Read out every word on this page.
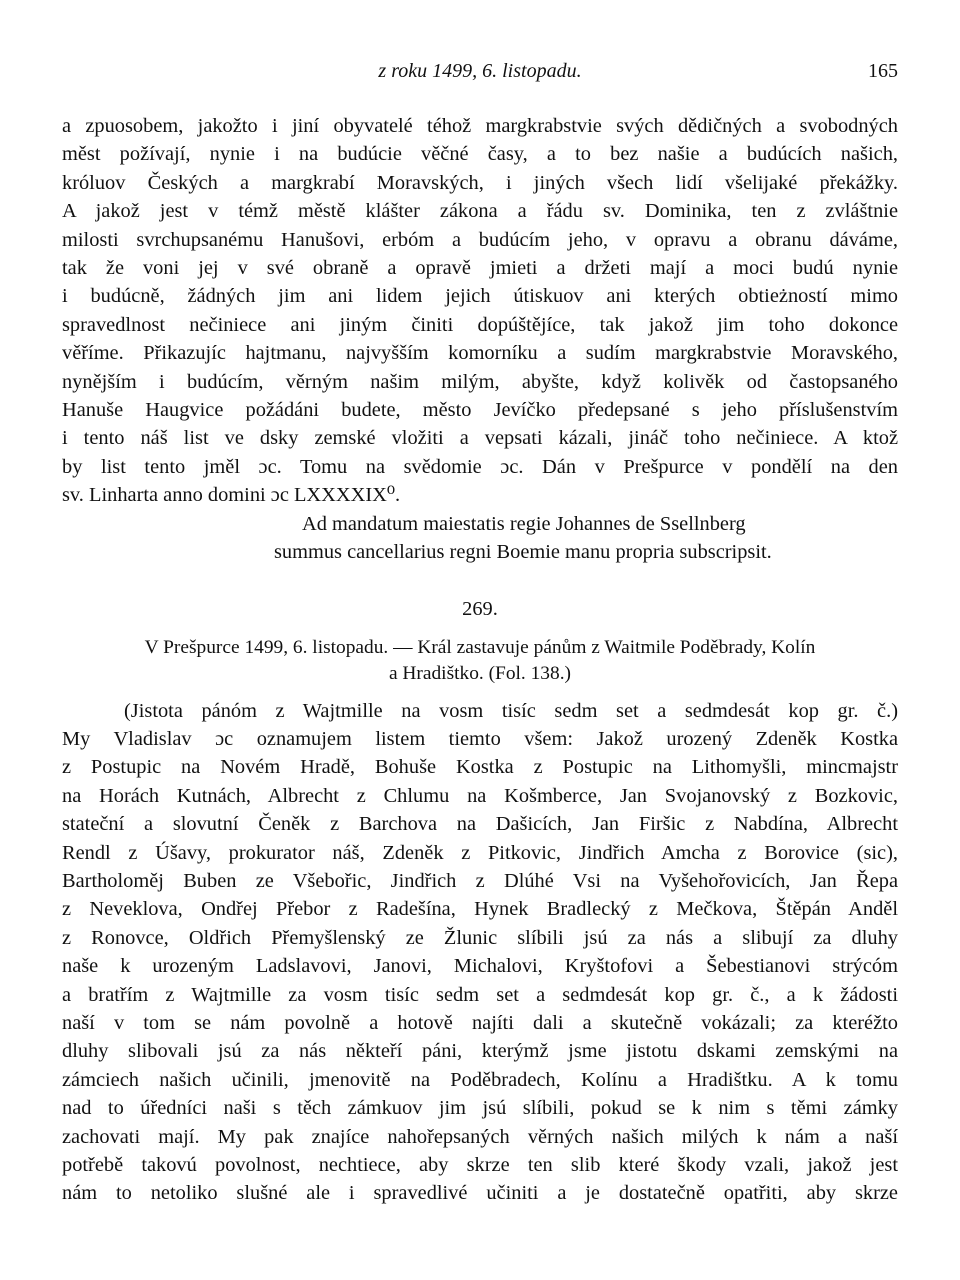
z roku 1499, 6. listopadu.	165
a zpuosobem, jakožto i jiní obyvatelé téhož margkrabstvie svých dědičných a svobodných
měst požívají, nynie i na budúcie věčné časy, a to bez našie a budúcích našich,
króluov Českých a margkrabí Moravských, i jiných všech lidí všelijaké překážky.
A jakož jest v témž městě klášter zákona a řádu sv. Dominika, ten z zvláštnie
milosti svrchupsanému Hanušovi, erbóm a budúcím jeho, v opravu a obranu dáváme,
tak že voni jej v své obraně a opravě jmieti a držeti mají a moci budú nynie
i budúcně, žádných jim ani lidem jejich útiskuov ani kterých obtieżností mimo
spravedlnost nečiniece ani jiným činiti dopúštějíce, tak jakož jim toho dokonce
věříme. Přikazujíc hajtmanu, najvyšším komorníku a sudím margkrabstvie Moravského,
nynějším i budúcím, věrným našim milým, abyšte, když kolivěk od častopsaného
Hanuše Haugvice požádáni budete, město Jevíčko předepsané s jeho příslušenstvím
i tento náš list ve dsky zemské vložiti a vepsati kázali, jináč toho nečiniece. A ktož
by list tento jměl ɔc. Tomu na svědomie ɔc. Dán v Prešpurce v pondělí na den
sv. Linharta anno domini ɔc LXXXXIX⁰.
Ad mandatum maiestatis regie Johannes de Ssellnberg
summus cancellarius regni Boemie manu propria subscripsit.
269.
V Prešpurce 1499, 6. listopadu. — Král zastavuje pánům z Waitmile Poděbrady, Kolín
a Hradištko. (Fol. 138.)
(Jistota pánóm z Wajtmille na vosm tisíc sedm set a sedmdesát kop gr. č.)
My Vladislav ɔc oznamujem listem tiemto všem: Jakož urozený Zdeněk Kostka
z Postupic na Novém Hradě, Bohuše Kostka z Postupic na Lithomyšli, mincmajstr
na Horách Kutnách, Albrecht z Chlumu na Košmberce, Jan Svojanovský z Bozkovic,
stateční a slovutní Čeněk z Barchova na Dašicích, Jan Firšic z Nabdína, Albrecht
Rendl z Úšavy, prokurator náš, Zdeněk z Pitkovic, Jindřich Amcha z Borovice (sic),
Bartholoměj Buben ze Všebořic, Jindřich z Dlúhé Vsi na Vyšehořovicích, Jan Řepa
z Neveklova, Ondřej Přebor z Radešína, Hynek Bradlecký z Mečkova, Štěpán Anděl
z Ronovce, Oldřich Přemyšlenský ze Žlunic slíbili jsú za nás a slibují za dluhy
naše k urozeným Ladslavovi, Janovi, Michalovi, Kryštofovi a Šebestianovi strýcóm
a bratřím z Wajtmille za vosm tisíc sedm set a sedmdesát kop gr. č., a k žádosti
naší v tom se nám povolně a hotově najíti dali a skutečně vokázali; za kteréžto
dluhy slibovali jsú za nás někteří páni, kterýmž jsme jistotu dskami zemskými na
zámciech našich učinili, jmenovitě na Poděbradech, Kolínu a Hradištku. A k tomu
nad to úředníci naši s těch zámkuov jim jsú slíbili, pokud se k nim s těmi zámky
zachovati mají. My pak znajíce nahořepsaných věrných našich milých k nám a naší
potřebě takovú povolnost, nechtiece, aby skrze ten slib které škody vzali, jakož jest
nám to netoliko slušné ale i spravedlivé učiniti a je dostatečně opatřiti, aby skrze
